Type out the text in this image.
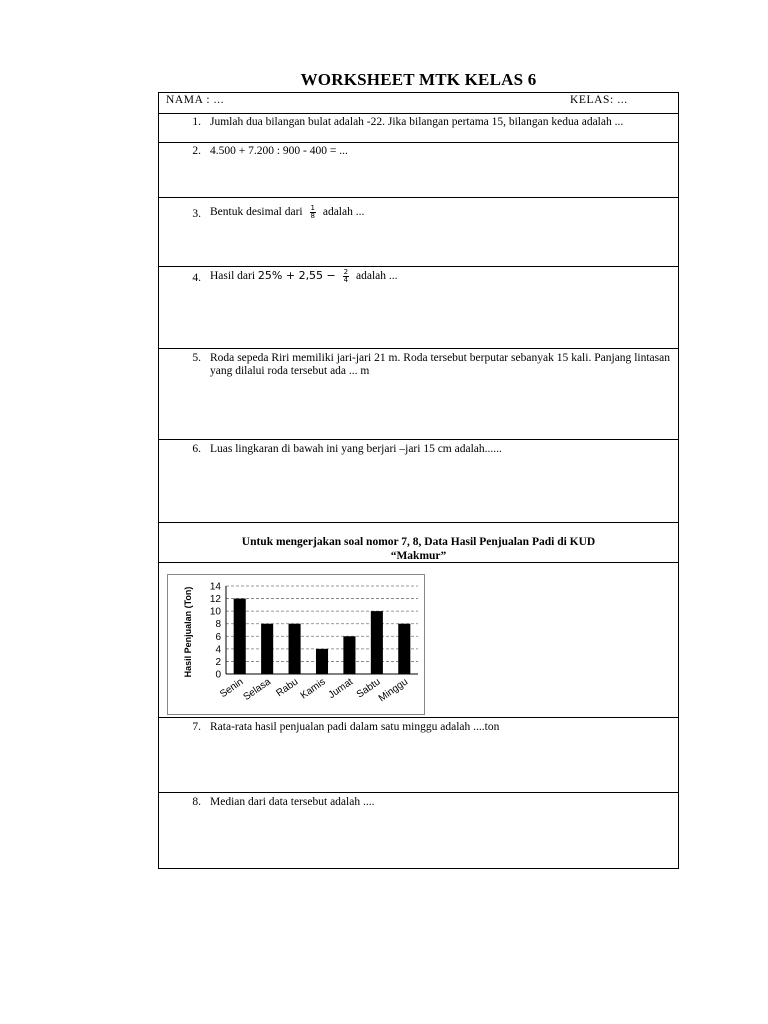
WORKSHEET MTK KELAS 6
NAMA : ...	KELAS: ...
1. Jumlah dua bilangan bulat adalah -22. Jika bilangan pertama 15, bilangan kedua adalah ...
2. 4.500 + 7.200 : 900 - 400 = ...
3. Bentuk desimal dari $\frac{1}{8}$ adalah ...
4. Hasil dari $25\% + 2,55 - \frac{2}{4}$ adalah ...
5. Roda sepeda Riri memiliki jari-jari 21 m. Roda tersebut berputar sebanyak 15 kali. Panjang lintasan yang dilalui roda tersebut ada ... m
6. Luas lingkaran di bawah ini yang berjari –jari 15 cm adalah......
Untuk mengerjakan soal nomor 7, 8, Data Hasil Penjualan Padi di KUD
“Makmur”
Hasil Penjualan (Ton) 0
2
4
6
8
10
12
14
Senin
Selasa Rabu
Kamis
Jumat Sabtu
Minggu
7. Rata-rata hasil penjualan padi dalam satu minggu adalah ....ton
8. Median dari data tersebut adalah ....
